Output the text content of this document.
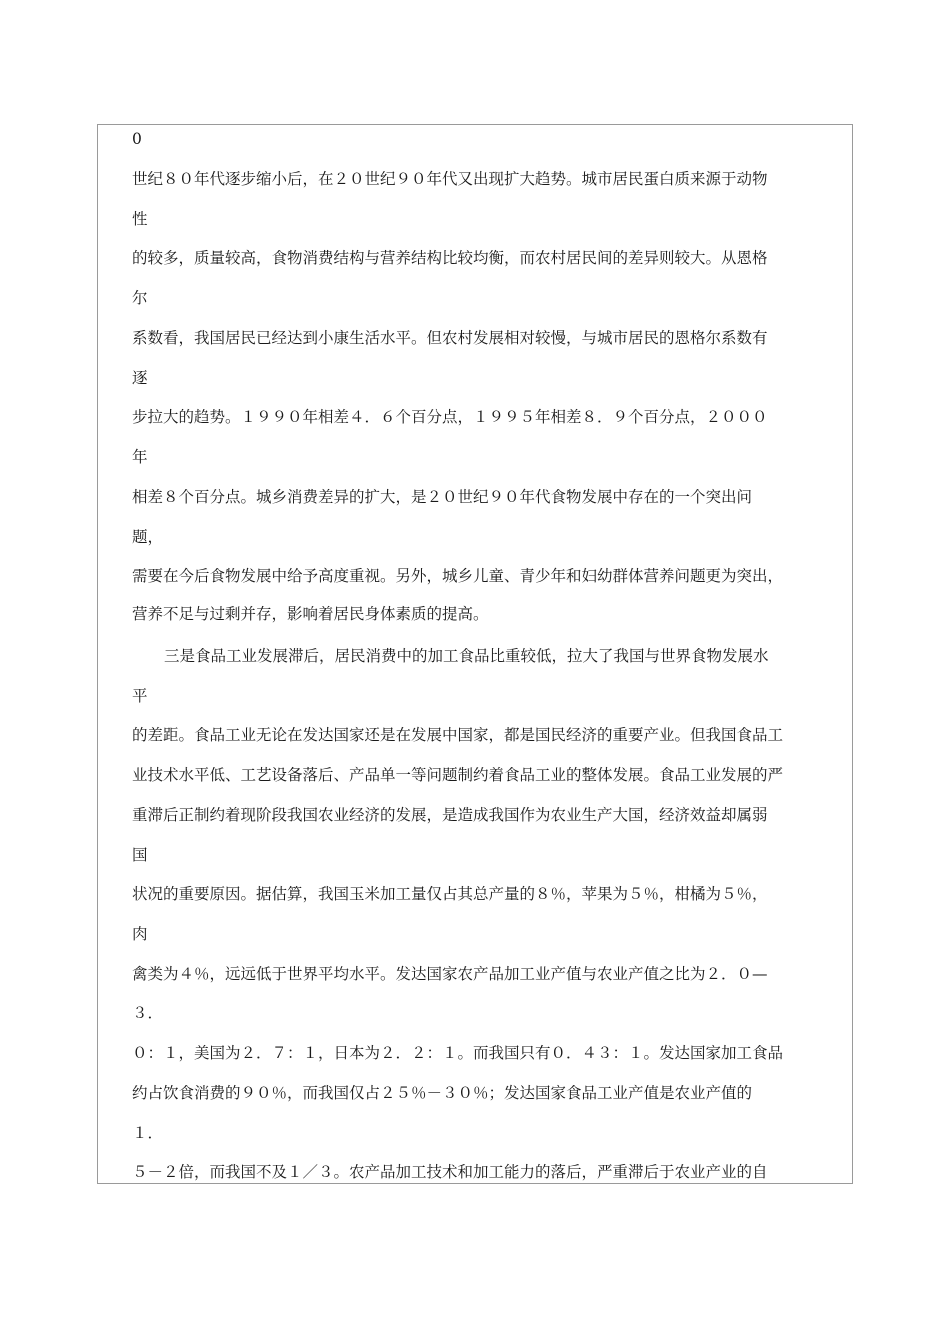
0
世纪８０年代逐步缩小后，在２０世纪９０年代又出现扩大趋势。城市居民蛋白质来源于动物
性
的较多，质量较高，食物消费结构与营养结构比较均衡，而农村居民间的差异则较大。从恩格
尔
系数看，我国居民已经达到小康生活水平。但农村发展相对较慢，与城市居民的恩格尔系数有
逐
步拉大的趋势。１９９０年相差４．６个百分点，１９９５年相差８．９个百分点，２０００
年
相差８个百分点。城乡消费差异的扩大，是２０世纪９０年代食物发展中存在的一个突出问
题，
需要在今后食物发展中给予高度重视。另外，城乡儿童、青少年和妇幼群体营养问题更为突出，
营养不足与过剩并存，影响着居民身体素质的提高。
三是食品工业发展滞后，居民消费中的加工食品比重较低，拉大了我国与世界食物发展水
平
的差距。食品工业无论在发达国家还是在发展中国家，都是国民经济的重要产业。但我国食品工
业技术水平低、工艺设备落后、产品单一等问题制约着食品工业的整体发展。食品工业发展的严
重滞后正制约着现阶段我国农业经济的发展，是造成我国作为农业生产大国，经济效益却属弱
国
状况的重要原因。据估算，我国玉米加工量仅占其总产量的８％，苹果为５％，柑橘为５％，
肉
禽类为４％，远远低于世界平均水平。发达国家农产品加工业产值与农业产值之比为２．０—
３．
０：１，美国为２．７：１，日本为２．２：１。而我国只有０．４３：１。发达国家加工食品
约占饮食消费的９０％，而我国仅占２５％－３０％；发达国家食品工业产值是农业产值的
１．
５－２倍，而我国不及１／３。农产品加工技术和加工能力的落后，严重滞后于农业产业的自
